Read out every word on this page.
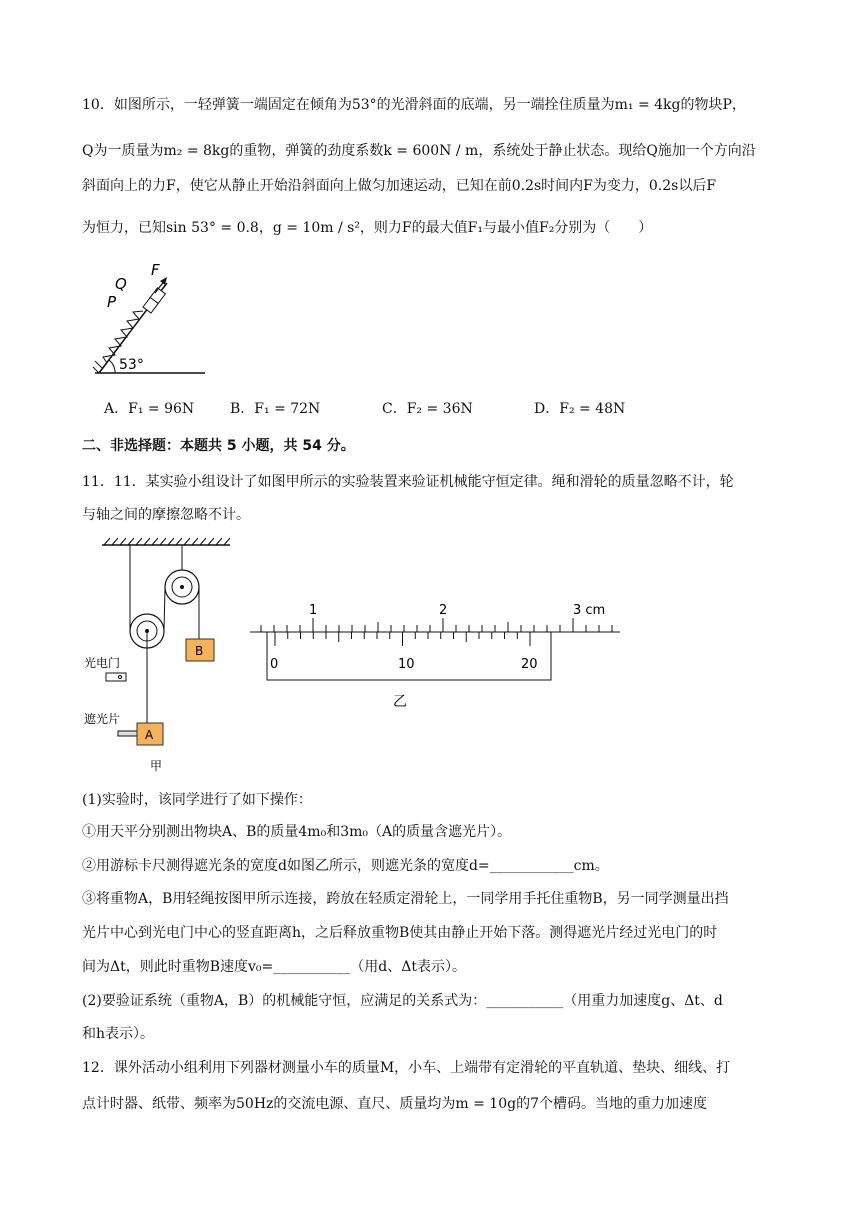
10．如图所示，一轻弹簧一端固定在倾角为53°的光滑斜面的底端，另一端拴住质量为m₁ = 4kg的物块P，
Q为一质量为m₂ = 8kg的重物，弹簧的劲度系数k = 600N / m，系统处于静止状态。现给Q施加一个方向沿
斜面向上的力F，使它从静止开始沿斜面向上做匀加速运动，已知在前0.2s时间内F为变力，0.2s以后F
为恒力，已知sin 53° = 0.8，g = 10m / s²，则力F的最大值F₁与最小值F₂分别为（　　）
F
Q
P
53°
A．F₁ = 96N	B．F₁ = 72N	C．F₂ = 36N	D．F₂ = 48N
二、非选择题：本题共 5 小题，共 54 分。
11．11．某实验小组设计了如图甲所示的实验装置来验证机械能守恒定律。绳和滑轮的质量忽略不计，轮
与轴之间的摩擦忽略不计。
B
光电门
遮光片
A
甲
1	2	3 cm
0	10	20
乙
(1)实验时，该同学进行了如下操作：
①用天平分别测出物块A、B的质量4m₀和3m₀（A的质量含遮光片）。
②用游标卡尺测得遮光条的宽度d如图乙所示，则遮光条的宽度d=____________cm。
③将重物A，B用轻绳按图甲所示连接，跨放在轻质定滑轮上，一同学用手托住重物B，另一同学测量出挡
光片中心到光电门中心的竖直距离h，之后释放重物B使其由静止开始下落。测得遮光片经过光电门的时
间为Δt，则此时重物B速度v₀=___________（用d、Δt表示）。
(2)要验证系统（重物A，B）的机械能守恒，应满足的关系式为：___________（用重力加速度g、Δt、d
和h表示）。
12．课外活动小组利用下列器材测量小车的质量M，小车、上端带有定滑轮的平直轨道、垫块、细线、打
点计时器、纸带、频率为50Hz的交流电源、直尺、质量均为m = 10g的7个槽码。当地的重力加速度
